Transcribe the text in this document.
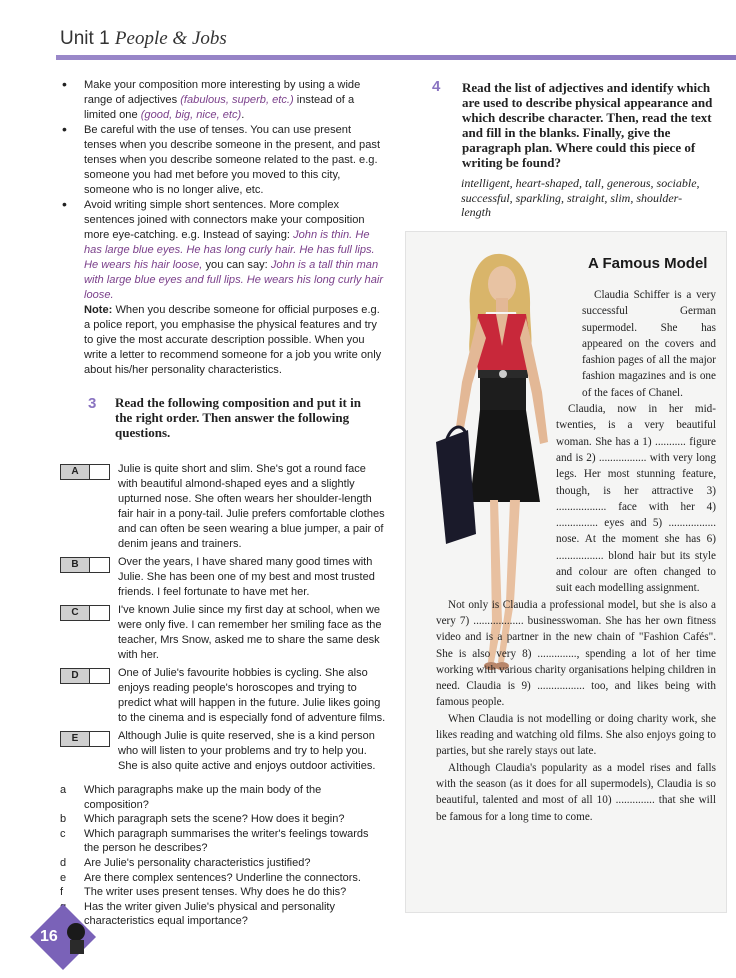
Unit 1 People & Jobs
• Make your composition more interesting by using a wide range of adjectives (fabulous, superb, etc.) instead of a limited one (good, big, nice, etc).
• Be careful with the use of tenses. You can use present tenses when you describe someone in the present, and past tenses when you describe someone related to the past. e.g. someone you had met before you moved to this city, someone who is no longer alive, etc.
• Avoid writing simple short sentences. More complex sentences joined with connectors make your composition more eye-catching. e.g. Instead of saying: John is thin. He has large blue eyes. He has long curly hair. He has full lips. He wears his hair loose, you can say: John is a tall thin man with large blue eyes and full lips. He wears his long curly hair loose.
Note: When you describe someone for official purposes e.g. a police report, you emphasise the physical features and try to give the most accurate description possible. When you write a letter to recommend someone for a job you write only about his/her personality characteristics.
3	Read the following composition and put it in the right order. Then answer the following questions.
A	Julie is quite short and slim. She's got a round face with beautiful almond-shaped eyes and a slightly upturned nose. She often wears her shoulder-length fair hair in a pony-tail. Julie prefers comfortable clothes and can often be seen wearing a blue jumper, a pair of denim jeans and trainers.
B	Over the years, I have shared many good times with Julie. She has been one of my best and most trusted friends. I feel fortunate to have met her.
C	I've known Julie since my first day at school, when we were only five. I can remember her smiling face as the teacher, Mrs Snow, asked me to share the same desk with her.
D	One of Julie's favourite hobbies is cycling. She also enjoys reading people's horoscopes and trying to predict what will happen in the future. Julie likes going to the cinema and is especially fond of adventure films.
E	Although Julie is quite reserved, she is a kind person who will listen to your problems and try to help you. She is also quite active and enjoys outdoor activities.
a	Which paragraphs make up the main body of the composition?
b	Which paragraph sets the scene? How does it begin?
c	Which paragraph summarises the writer's feelings towards the person he describes?
d	Are Julie's personality characteristics justified?
e	Are there complex sentences? Underline the connectors.
f	The writer uses present tenses. Why does he do this?
Has the writer given Julie's physical and personality characteristics equal importance?
4	Read the list of adjectives and identify which are used to describe physical appearance and which describe character. Then, read the text and fill in the blanks. Finally, give the paragraph plan. Where could this piece of writing be found?
intelligent, heart-shaped, tall, generous, sociable, successful, sparkling, straight, slim, shoulder-length
A Famous Model

Claudia Schiffer is a very successful German supermodel. She has appeared on the covers and fashion pages of all the major fashion magazines and is one of the faces of Chanel.

Claudia, now in her mid-twenties, is a very beautiful woman. She has a 1) ........... figure and is 2) ................. with very long legs. Her most stunning feature, though, is her attractive 3) .................. face with her 4) ............... eyes and 5) ................. nose. At the moment she has 6) ................. blond hair but its style and colour are often changed to suit each modelling assignment.

Not only is Claudia a professional model, but she is also a very 7) .................. businesswoman. She has her own fitness video and is a partner in the new chain of "Fashion Cafés". She is also very 8) .............., spending a lot of her time working with various charity organisations helping children in need. Claudia is 9) ................. too, and likes being with famous people.

When Claudia is not modelling or doing charity work, she likes reading and watching old films. She also enjoys going to parties, but she rarely stays out late.

Although Claudia's popularity as a model rises and falls with the season (as it does for all supermodels), Claudia is so beautiful, talented and most of all 10) .............. that she will be famous for a long time to come.

16
